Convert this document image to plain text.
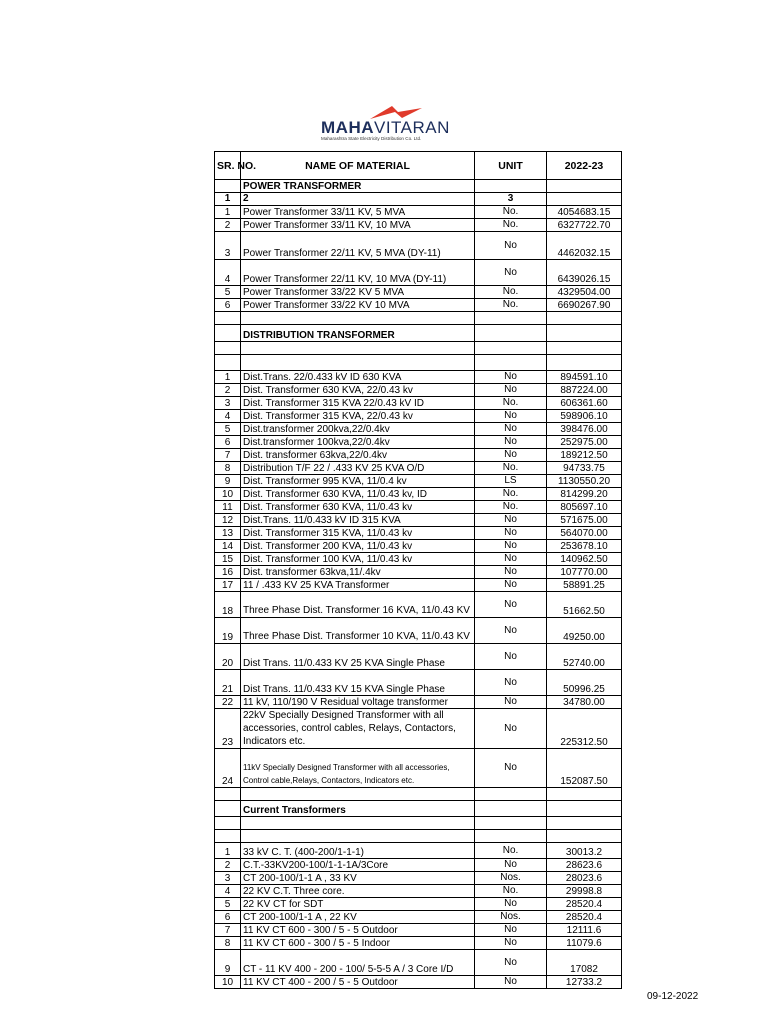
MAHAVITARAN
Maharashtra State Electricity Distribution Co. Ltd.
SR. NO.	NAME OF MATERIAL	UNIT	2022-23
	POWER TRANSFORMER		
1	2	3	
1	Power Transformer 33/11 KV, 5 MVA	No.	4054683.15
2	Power Transformer 33/11 KV, 10 MVA	No.	6327722.70
3	Power Transformer 22/11 KV, 5 MVA (DY-11)	No	4462032.15
4	Power Transformer 22/11 KV, 10 MVA (DY-11)	No	6439026.15
5	Power Transformer 33/22 KV 5 MVA	No.	4329504.00
6	Power Transformer 33/22 KV 10 MVA	No.	6690267.90

	DISTRIBUTION TRANSFORMER		

1	Dist.Trans. 22/0.433 kV ID 630 KVA	No	894591.10
2	Dist. Transformer 630 KVA, 22/0.43 kv	No	887224.00
3	Dist. Transformer 315 KVA 22/0.43 kV ID	No.	606361.60
4	Dist. Transformer 315 KVA, 22/0.43 kv	No	598906.10
5	Dist.transformer 200kva,22/0.4kv	No	398476.00
6	Dist.transformer 100kva,22/0.4kv	No	252975.00
7	Dist. transformer 63kva,22/0.4kv	No	189212.50
8	Distribution T/F 22 / .433 KV 25 KVA O/D	No.	94733.75
9	Dist. Transformer 995 KVA, 11/0.4 kv	LS	1130550.20
10	Dist. Transformer 630 KVA, 11/0.43 kv, ID	No.	814299.20
11	Dist. Transformer 630 KVA, 11/0.43 kv	No.	805697.10
12	Dist.Trans. 11/0.433 kV ID 315 KVA	No	571675.00
13	Dist. Transformer 315 KVA, 11/0.43 kv	No	564070.00
14	Dist. Transformer 200 KVA, 11/0.43 kv	No	253678.10
15	Dist. Transformer 100 KVA, 11/0.43 kv	No	140962.50
16	Dist. transformer 63kva,11/.4kv	No	107770.00
17	11 / .433 KV 25 KVA Transformer	No	58891.25
18	Three Phase Dist. Transformer 16 KVA, 11/0.43 KV	No	51662.50
19	Three Phase Dist. Transformer 10 KVA, 11/0.43 KV	No	49250.00
20	Dist Trans. 11/0.433 KV 25 KVA Single Phase	No	52740.00
21	Dist Trans. 11/0.433 KV 15 KVA Single Phase	No	50996.25
22	11 kV, 110/190 V Residual voltage transformer	No	34780.00
23	22kV Specially Designed Transformer with all accessories, control cables, Relays, Contactors, Indicators etc.	No	225312.50
24	11kV Specially Designed Transformer with all accessories, Control cable,Relays, Contactors, Indicators etc.	No	152087.50

	Current Transformers		

1	33 kV C. T. (400-200/1-1-1)	No.	30013.2
2	C.T.-33KV200-100/1-1-1A/3Core	No	28623.6
3	CT 200-100/1-1 A , 33 KV	Nos.	28023.6
4	22 KV C.T. Three core.	No.	29998.8
5	22 KV CT for SDT	No	28520.4
6	CT 200-100/1-1 A , 22 KV	Nos.	28520.4
7	11 KV CT 600 - 300 / 5 - 5 Outdoor	No	12111.6
8	11 KV CT 600 - 300 / 5 - 5 Indoor	No	11079.6
9	CT - 11 KV 400 - 200 - 100/ 5-5-5 A / 3 Core I/D	No	17082
10	11 KV CT 400 - 200 / 5 - 5 Outdoor	No	12733.2
09-12-2022
